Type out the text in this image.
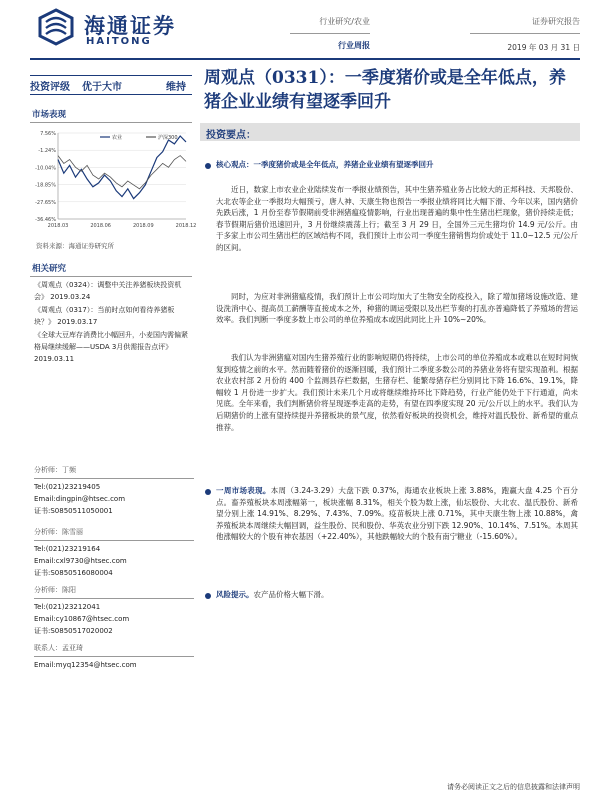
海通证券
HAITONG
行业研究/农业
行业周报
证券研究报告
2019 年 03 月 31 日
投资评级	优于大市	维持
市场表现
7.56%
-1.24%
-10.04%
-18.85%
-27.65%
-36.46%
2018.03	2018.06	2018.09	2018.12
农业	沪深300
资料来源：海通证券研究所
相关研究
《周观点（0324）：调整中关注养猪板块投资机会》 2019.03.24
《周观点（0317）：当前时点如何看待养猪板块？》 2019.03.17
《全球大豆库存消费比小幅回升，小麦国内需偏紧格局继续缓解——USDA 3月供需报告点评》 2019.03.11
分析师：丁频
Tel:(021)23219405
Email:dingpin@htsec.com
证书:S0850511050001
分析师：陈雪丽
Tel:(021)23219164
Email:cxl9730@htsec.com
证书:S0850516080004
分析师：陈阳
Tel:(021)23212041
Email:cy10867@htsec.com
证书:S0850517020002
联系人：孟亚琦
Email:myq12354@htsec.com
周观点（0331）：一季度猪价或是全年低点，养猪企业业绩有望逐季回升
投资要点：
核心观点：一季度猪价或是全年低点，养猪企业业绩有望逐季回升
近日，数家上市农业企业陆续发布一季报业绩预告，其中生猪养殖业务占比较大的正邦科技、天邦股份、大北农等企业一季报均大幅预亏，唐人神、天康生物也预告一季报业绩将同比大幅下滑、今年以来，国内猪价先跌后涨，1 月份至春节假期前受非洲猪瘟疫情影响，行业出现普遍的集中性生猪出栏现象，猪价持续走低；春节假期后猪价迅速回升，3 月份继续震荡上行；截至 3 月 29 日，全国外三元生猪均价 14.9 元/公斤。由于多家上市公司生猪出栏的区域结构不同，我们预计上市公司一季度生猪销售均价或处于 11.0~12.5 元/公斤的区间。
同时，为应对非洲猪瘟疫情，我们预计上市公司均加大了生物安全防疫投入，除了增加猪场设施改造、建设洗消中心、提高员工薪酬等直接成本之外，种猪的调运受限以及出栏节奏的打乱亦普遍降低了养殖场的营运效率。我们判断一季度多数上市公司的单位养殖成本或因此同比上升 10%~20%。
我们认为非洲猪瘟对国内生猪养殖行业的影响短期仍将持续，上市公司的单位养殖成本或难以在短时间恢复到疫情之前的水平。然而随着猪价的逐渐回暖，我们预计二季度多数公司的养猪业务将有望实现盈利。根据农业农村部 2 月份的 400 个监测县存栏数据，生猪存栏、能繁母猪存栏分别同比下降 16.6%、19.1%，降幅较 1 月份进一步扩大。我们预计未来几个月或将继续维持环比下降趋势，行业产能仍处于下行通道，尚未见底。全年来看，我们判断猪价将呈现逐季走高的走势，有望在四季度实现 20 元/公斤以上的水平。我们认为后期猪价的上涨有望持续提升养猪板块的景气度，依然看好板块的投资机会，维持对温氏股份、新希望的重点推荐。
一周市场表现。本周（3.24-3.29）大盘下跌 0.37%，海通农业板块上涨 3.88%，跑赢大盘 4.25 个百分点。畜养殖板块本周涨幅第一，板块涨幅 8.31%，相关个股为数上涨，仙坛股份、大北农、温氏股份、新希望分别上涨 14.91%、8.29%、7.43%、7.09%。疫苗板块上涨 0.71%，其中天康生物上涨 10.88%，禽养殖板块本周继续大幅回调，益生股份、民和股份、华英农业分别下跌 12.90%、10.14%、7.51%。本周其他涨幅较大的个股有神农基因（+22.40%），其他跌幅较大的个股有南宁糖业（-15.60%）。
风险提示。农产品价格大幅下滑。
请务必阅读正文之后的信息披露和法律声明
